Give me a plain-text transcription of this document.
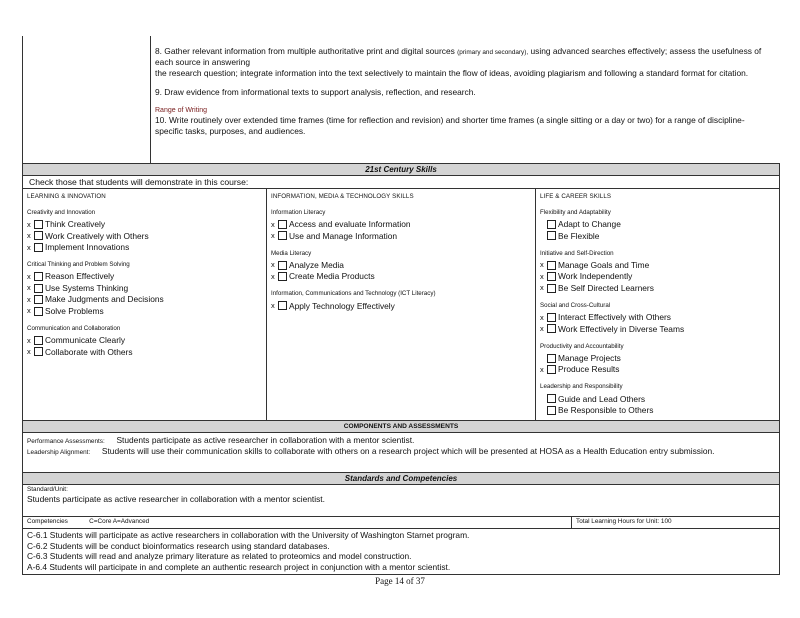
8. Gather relevant information from multiple authoritative print and digital sources (primary and secondary), using advanced searches effectively; assess the usefulness of each source in answering
the research question; integrate information into the text selectively to maintain the flow of ideas, avoiding plagiarism and following a standard format for citation.

9. Draw evidence from informational texts to support analysis, reflection, and research.

Range of Writing

10. Write routinely over extended time frames (time for reflection and revision) and shorter time frames (a single sitting or a day or two) for a range of discipline-specific tasks, purposes, and audiences.

21st Century Skills
Check those that students will demonstrate in this course:
LEARNING & INNOVATION
Creativity and Innovation
x	Think Creatively
x	Work Creatively with Others
x	Implement Innovations
Critical Thinking and Problem Solving
x	Reason Effectively
x	Use Systems Thinking
x	Make Judgments and Decisions
x	Solve Problems
Communication and Collaboration
x	Communicate Clearly
x	Collaborate with Others
INFORMATION, MEDIA & TECHNOLOGY SKILLS
Information Literacy
x	Access and evaluate Information
x	Use and Manage Information
Media Literacy
x	Analyze Media
x	Create Media Products
Information, Communications and Technology (ICT Literacy)
x	Apply Technology Effectively
LIFE & CAREER SKILLS
Flexibility and Adaptability
Adapt to Change
Be Flexible
Initiative and Self-Direction
x	Manage Goals and Time
x	Work Independently
x	Be Self Directed Learners
Social and Cross-Cultural
x	Interact Effectively with Others
x	Work Effectively in Diverse Teams
Productivity and Accountability
Manage Projects
x	Produce Results
Leadership and Responsibility
Guide and Lead Others
Be Responsible to Others
COMPONENTS AND ASSESSMENTS
Performance Assessments: Students participate as active researcher in collaboration with a mentor scientist.
Leadership Alignment: Students will use their communication skills to collaborate with others on a research project which will be presented at HOSA as a Health Education entry submission.
Standards and Competencies
Standard/Unit:
Students participate as active researcher in collaboration with a mentor scientist.
Competencies	C=Core A=Advanced	Total Learning Hours for Unit: 100
C-6.1 Students will participate as active researchers in collaboration with the University of Washington Starnet program.
C-6.2 Students will be conduct bioinformatics research using standard databases.
C-6.3 Students will read and analyze primary literature as related to proteomics and model construction.
A-6.4 Students will participate in and complete an authentic research project in conjunction with a mentor scientist.
Page 14 of 37
